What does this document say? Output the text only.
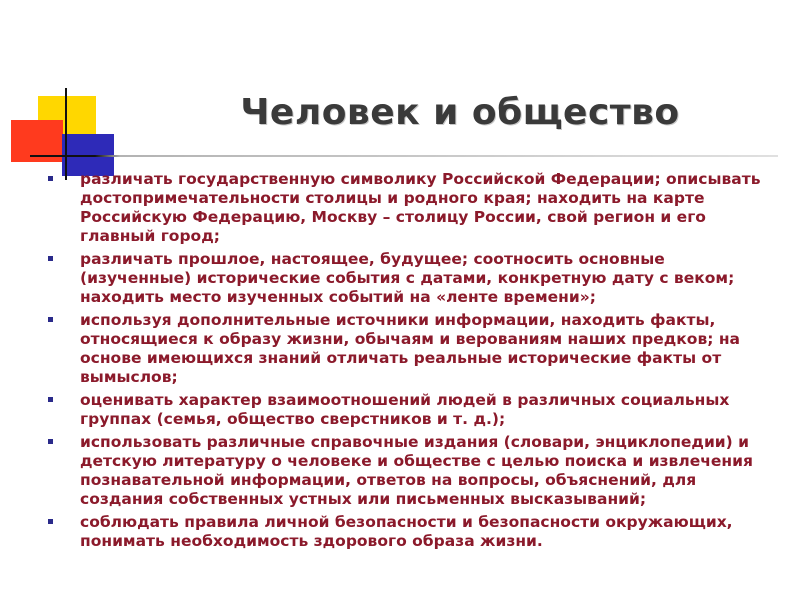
Человек и общество
различать государственную символику Российской Федерации; описывать достопримечательности столицы и родного края; находить на карте Российскую Федерацию, Москву – столицу России, свой регион и его главный город;
различать прошлое, настоящее, будущее; соотносить основные (изученные) исторические события с датами, конкретную дату с веком; находить место изученных событий на «ленте времени»;
используя дополнительные источники информации, находить факты, относящиеся к образу жизни, обычаям и верованиям наших предков; на основе имеющихся знаний отличать реальные исторические факты от вымыслов;
оценивать характер взаимоотношений людей в различных социальных группах (семья, общество сверстников и т. д.);
использовать различные справочные издания (словари, энциклопедии) и детскую литературу о человеке и обществе с целью поиска и извлечения познавательной информации, ответов на вопросы, объяснений, для создания собственных устных или письменных высказываний;
соблюдать правила личной безопасности и безопасности окружающих, понимать необходимость здорового образа жизни.
